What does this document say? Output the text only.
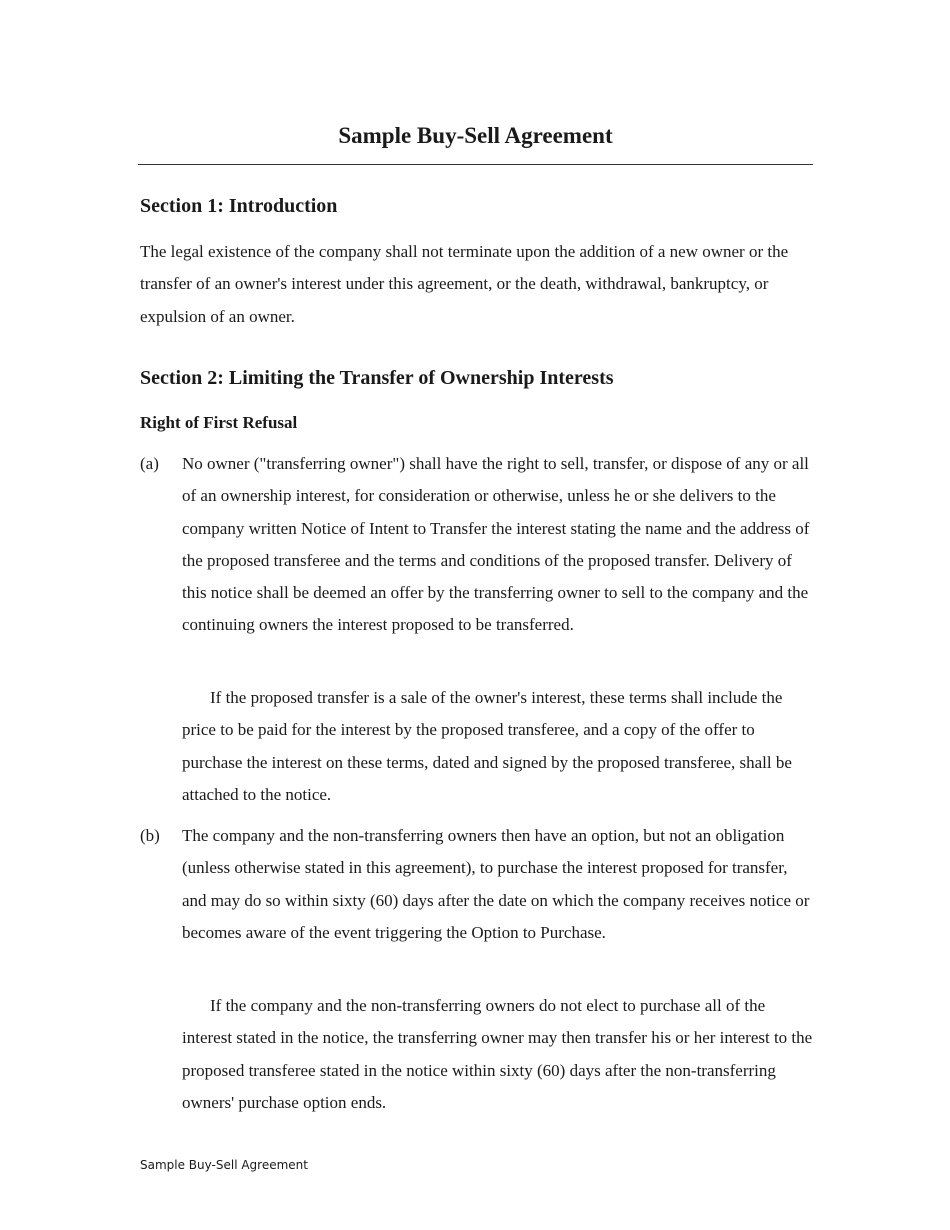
Sample Buy-Sell Agreement
Section 1: Introduction

The legal existence of the company shall not terminate upon the addition of a new owner or the transfer of an owner's interest under this agreement, or the death, withdrawal, bankruptcy, or expulsion of an owner.

Section 2: Limiting the Transfer of Ownership Interests
Right of First Refusal
(a) No owner ("transferring owner") shall have the right to sell, transfer, or dispose of any or all of an ownership interest, for consideration or otherwise, unless he or she delivers to the company written Notice of Intent to Transfer the interest stating the name and the address of the proposed transferee and the terms and conditions of the proposed transfer. Delivery of this notice shall be deemed an offer by the transferring owner to sell to the company and the continuing owners the interest proposed to be transferred.

If the proposed transfer is a sale of the owner's interest, these terms shall include the price to be paid for the interest by the proposed transferee, and a copy of the offer to purchase the interest on these terms, dated and signed by the proposed transferee, shall be attached to the notice.

(b) The company and the non-transferring owners then have an option, but not an obligation (unless otherwise stated in this agreement), to purchase the interest proposed for transfer, and may do so within sixty (60) days after the date on which the company receives notice or becomes aware of the event triggering the Option to Purchase.

If the company and the non-transferring owners do not elect to purchase all of the interest stated in the notice, the transferring owner may then transfer his or her interest to the proposed transferee stated in the notice within sixty (60) days after the non-transferring owners' purchase option ends.

Sample Buy-Sell Agreement
